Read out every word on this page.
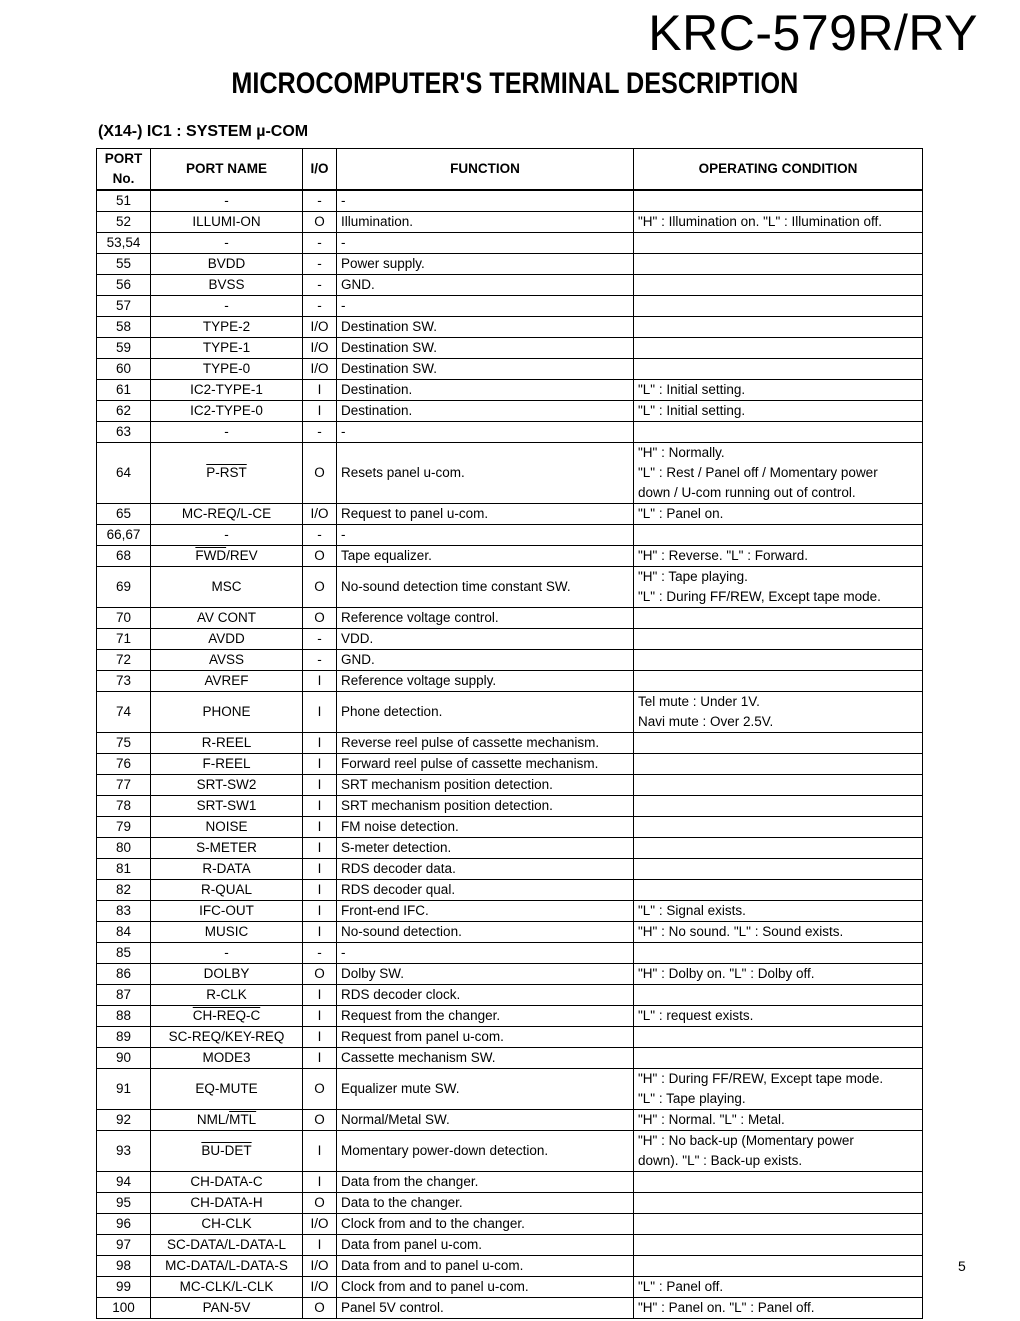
KRC-579R/RY
MICROCOMPUTER'S TERMINAL DESCRIPTION
(X14-) IC1 : SYSTEM µ-COM
PORT No.	PORT NAME	I/O	FUNCTION	OPERATING CONDITION
51	-	-	-	
52	ILLUMI-ON	O	Illumination.	"H" : Illumination on. "L" : Illumination off.

53,54	-	-	-	
55	BVDD	-	Power supply.	
56	BVSS	-	GND.	
57	-	-	-	
58	TYPE-2	I/O	Destination SW.	
59	TYPE-1	I/O	Destination SW.	
60	TYPE-0	I/O	Destination SW.	
61	IC2-TYPE-1	I	Destination.	"L" : Initial setting.

62	IC2-TYPE-0	I	Destination.	"L" : Initial setting.

63	-	-	-	
64	P-RST	O	Resets panel u-com.	"H" : Normally.
"L" : Rest / Panel off / Momentary power
down / U-com running out of control.

65	MC-REQ/L-CE	I/O	Request to panel u-com.	"L" : Panel on.

66,67	-	-	-	
68	$\overline{FWD}$/REV	O	Tape equalizer.	"H" : Reverse. "L" : Forward.

69	MSC	O	No-sound detection time constant SW.	"H" : Tape playing.
"L" : During FF/REW, Except tape mode.

70	AV CONT	O	Reference voltage control.	
71	AVDD	-	VDD.	
72	AVSS	-	GND.	
73	AVREF	I	Reference voltage supply.	
74	PHONE	I	Phone detection.	Tel mute : Under 1V.
Navi mute : Over 2.5V.

75	R-REEL	I	Reverse reel pulse of cassette mechanism.	
76	F-REEL	I	Forward reel pulse of cassette mechanism.	
77	SRT-SW2	I	SRT mechanism position detection.	
78	SRT-SW1	I	SRT mechanism position detection.	
79	NOISE	I	FM noise detection.	
80	S-METER	I	S-meter detection.	
81	R-DATA	I	RDS decoder data.	
82	R-QUAL	I	RDS decoder qual.	
83	IFC-OUT	I	Front-end IFC.	"L" : Signal exists.

84	MUSIC	I	No-sound detection.	"H" : No sound. "L" : Sound exists.

85	-	-	-	
86	DOLBY	O	Dolby SW.	"H" : Dolby on. "L" : Dolby off.

87	R-CLK	I	RDS decoder clock.	
88	CH-REQ-C	I	Request from the changer.	"L" : request exists.

89	SC-REQ/KEY-REQ	I	Request from panel u-com.	
90	MODE3	I	Cassette mechanism SW.	
91	EQ-MUTE	O	Equalizer mute SW.	"H" : During FF/REW, Except tape mode.
"L" : Tape playing.

92	NML/$\overline{MTL}$	O	Normal/Metal SW.	"H" : Normal. "L" : Metal.

93	BU-DET	I	Momentary power-down detection.	"H" : No back-up (Momentary power
down). "L" : Back-up exists.

94	CH-DATA-C	I	Data from the changer.	
95	CH-DATA-H	O	Data to the changer.	
96	CH-CLK	I/O	Clock from and to the changer.	
97	SC-DATA/L-DATA-L	I	Data from panel u-com.	
98	MC-DATA/L-DATA-S	I/O	Data from and to panel u-com.	
99	MC-CLK/L-CLK	I/O	Clock from and to panel u-com.	"L" : Panel off.

100	PAN-5V	O	Panel 5V control.	"H" : Panel on. "L" : Panel off.
5
